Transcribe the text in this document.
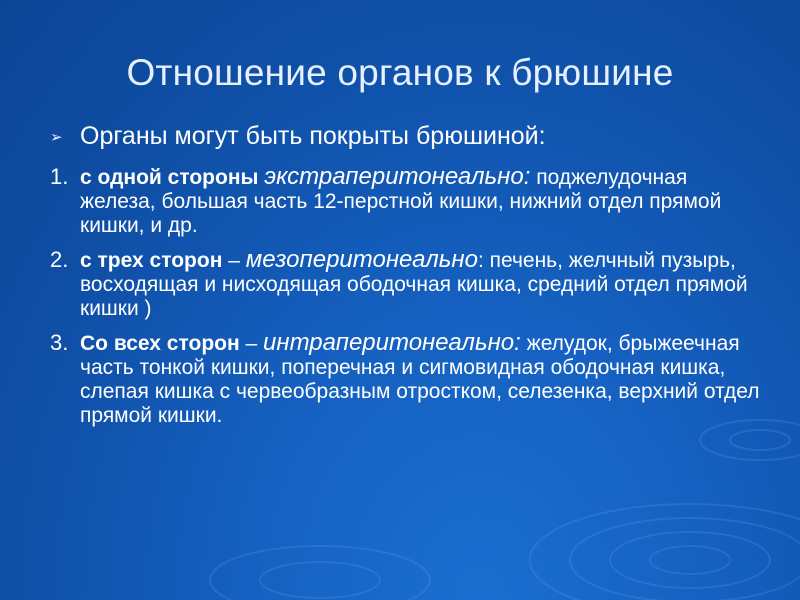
Отношение органов к брюшине
➢ Органы могут быть покрыты брюшиной:
1. с одной стороны экстраперитонеально: поджелудочная железа, большая часть 12-перстной кишки, нижний отдел прямой кишки, и др.
2. с трех сторон – мезоперитонеально: печень, желчный пузырь, восходящая и нисходящая ободочная кишка, средний отдел прямой кишки )
3. Со всех сторон – интраперитонеально: желудок, брыжеечная часть тонкой кишки, поперечная и сигмовидная ободочная кишка, слепая кишка с червеобразным отростком, селезенка, верхний отдел прямой кишки.
